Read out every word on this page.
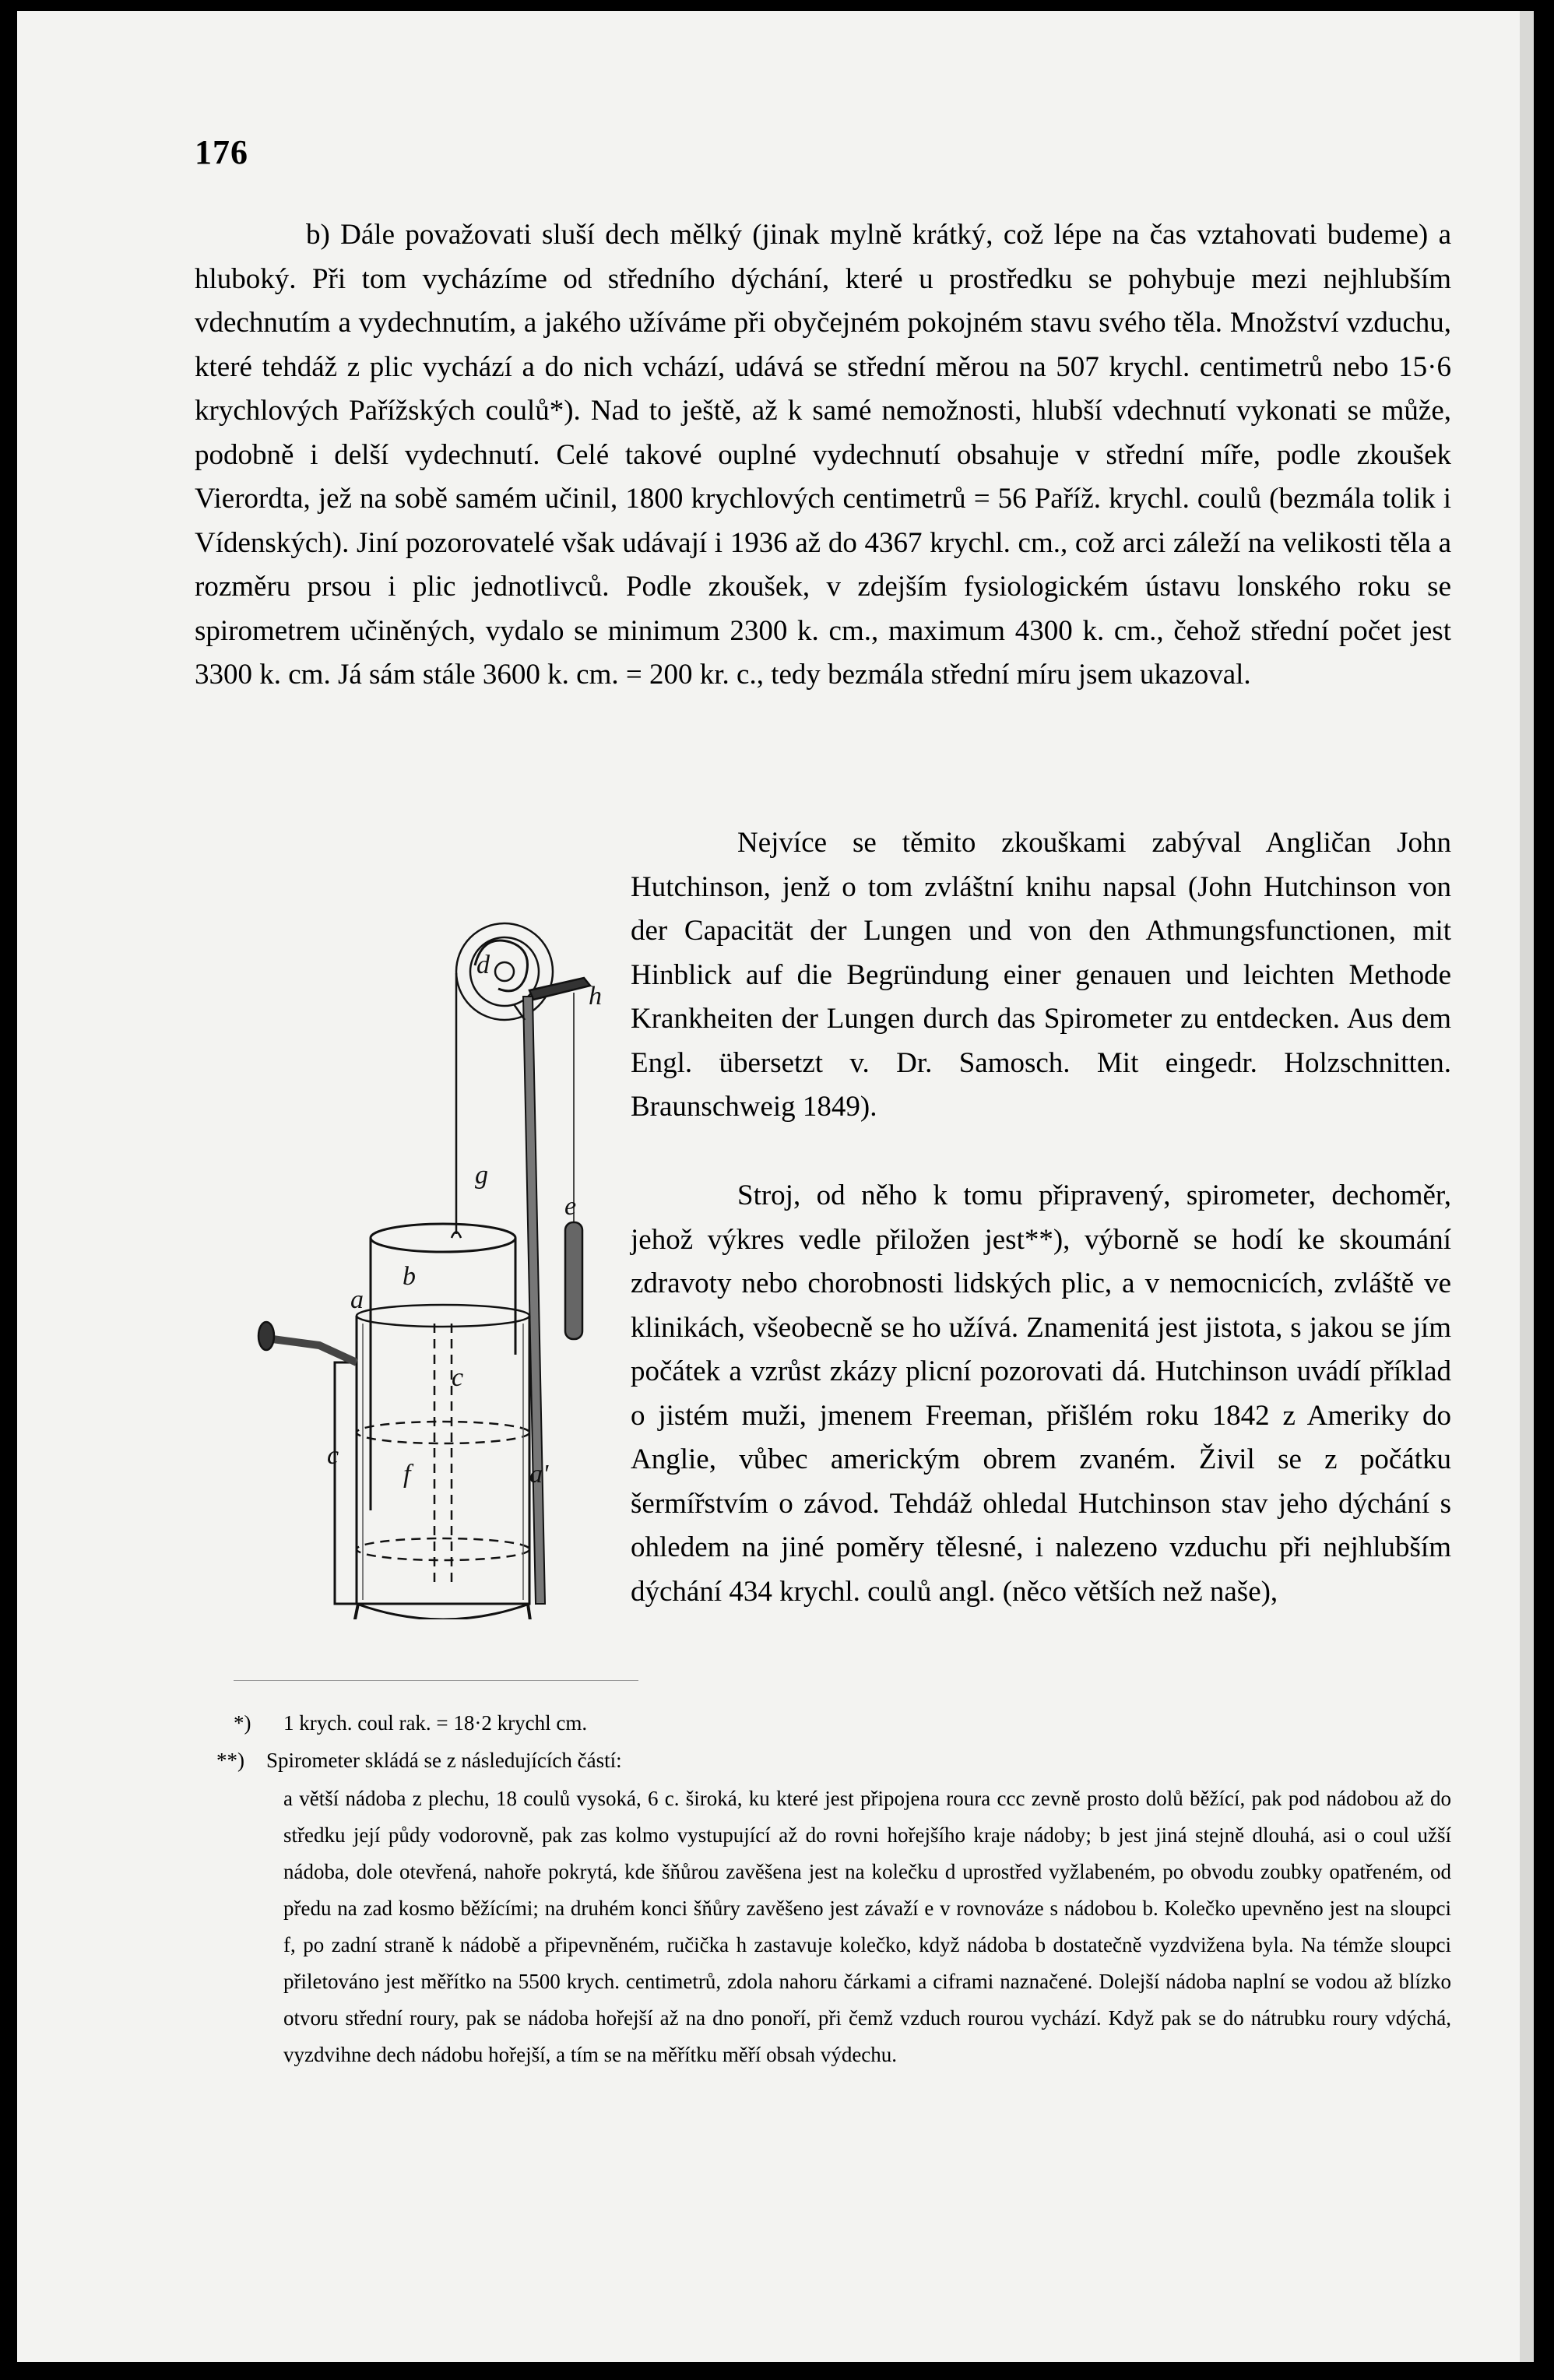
176

b) Dále považovati sluší dech mělký (jinak mylně krátký, což lépe na čas vztahovati budeme) a hluboký. Při tom vycházíme od středního dýchání, které u prostředku se pohybuje mezi nejhlubším vdechnutím a vydechnutím, a jakého užíváme při obyčejném pokojném stavu svého těla. Množství vzduchu, které tehdáž z plic vychází a do nich vchází, udává se střední měrou na 507 krychl. centimetrů nebo 15·6 krychlových Pařížských coulů*). Nad to ještě, až k samé nemožnosti, hlubší vdechnutí vykonati se může, podobně i delší vydechnutí. Celé takové ouplné vydechnutí obsahuje v střední míře, podle zkoušek Vierordta, jež na sobě samém učinil, 1800 krychlových centimetrů = 56 Paříž. krychl. coulů (bezmála tolik i Vídenských). Jiní pozorovatelé však udávají i 1936 až do 4367 krychl. cm., což arci záleží na velikosti těla a rozměru prsou i plic jednotlivců. Podle zkoušek, v zdejším fysiologickém ústavu lonského roku se spirometrem učiněných, vydalo se minimum 2300 k. cm., maximum 4300 k. cm., čehož střední počet jest 3300 k. cm. Já sám stále 3600 k. cm. = 200 kr. c., tedy bezmála střední míru jsem ukazoval.

Nejvíce se těmito zkouškami zabýval Angličan John Hutchinson, jenž o tom zvláštní knihu napsal (John Hutchinson von der Capacität der Lungen und von den Athmungsfunctionen, mit Hinblick auf die Begründung einer genauen und leichten Methode Krankheiten der Lungen durch das Spirometer zu entdecken. Aus dem Engl. übersetzt v. Dr. Samosch. Mit eingedr. Holzschnitten. Braunschweig 1849).

Stroj, od něho k tomu připravený, spirometer, dechoměr, jehož výkres vedle přiložen jest**), výborně se hodí ke skoumání zdravoty nebo chorobnosti lidských plic, a v nemocnicích, zvláště ve klinikách, všeobecně se ho užívá. Znamenitá jest jistota, s jakou se jím počátek a vzrůst zkázy plicní pozorovati dá. Hutchinson uvádí příklad o jistém muži, jmenem Freeman, přišlém roku 1842 z Ameriky do Anglie, vůbec americkým obrem zvaném. Živil se z počátku šermířstvím o závod. Tehdáž ohledal Hutchinson stav jeho dýchání s ohledem na jiné poměry tělesné, i nalezeno vzduchu při nejhlubším dýchání 434 krychl. coulů angl. (něco větších než naše),

d
h
g
e
b
a
c
c
f	a'

*) 1 krych. coul rak. = 18·2 krychl cm.

**) Spirometer skládá se z následujících částí:

a větší nádoba z plechu, 18 coulů vysoká, 6 c. široká, ku které jest připojena roura ccc zevně prosto dolů běžící, pak pod nádobou až do středku její půdy vodorovně, pak zas kolmo vystupující až do rovni hořejšího kraje nádoby; b jest jiná stejně dlouhá, asi o coul užší nádoba, dole otevřená, nahoře pokrytá, kde šňůrou zavěšena jest na kolečku d uprostřed vyžlabeném, po obvodu zoubky opatřeném, od předu na zad kosmo běžícími; na druhém konci šňůry zavěšeno jest závaží e v rovnováze s nádobou b. Kolečko upevněno jest na sloupci f, po zadní straně k nádobě a připevněném, ručička h zastavuje kolečko, když nádoba b dostatečně vyzdvižena byla. Na témže sloupci přiletováno jest měřítko na 5500 krych. centimetrů, zdola nahoru čárkami a ciframi naznačené. Dolejší nádoba naplní se vodou až blízko otvoru střední roury, pak se nádoba hořejší až na dno ponoří, při čemž vzduch rourou vychází. Když pak se do nátrubku roury vdýchá, vyzdvihne dech nádobu hořejší, a tím se na měřítku měří obsah výdechu.
